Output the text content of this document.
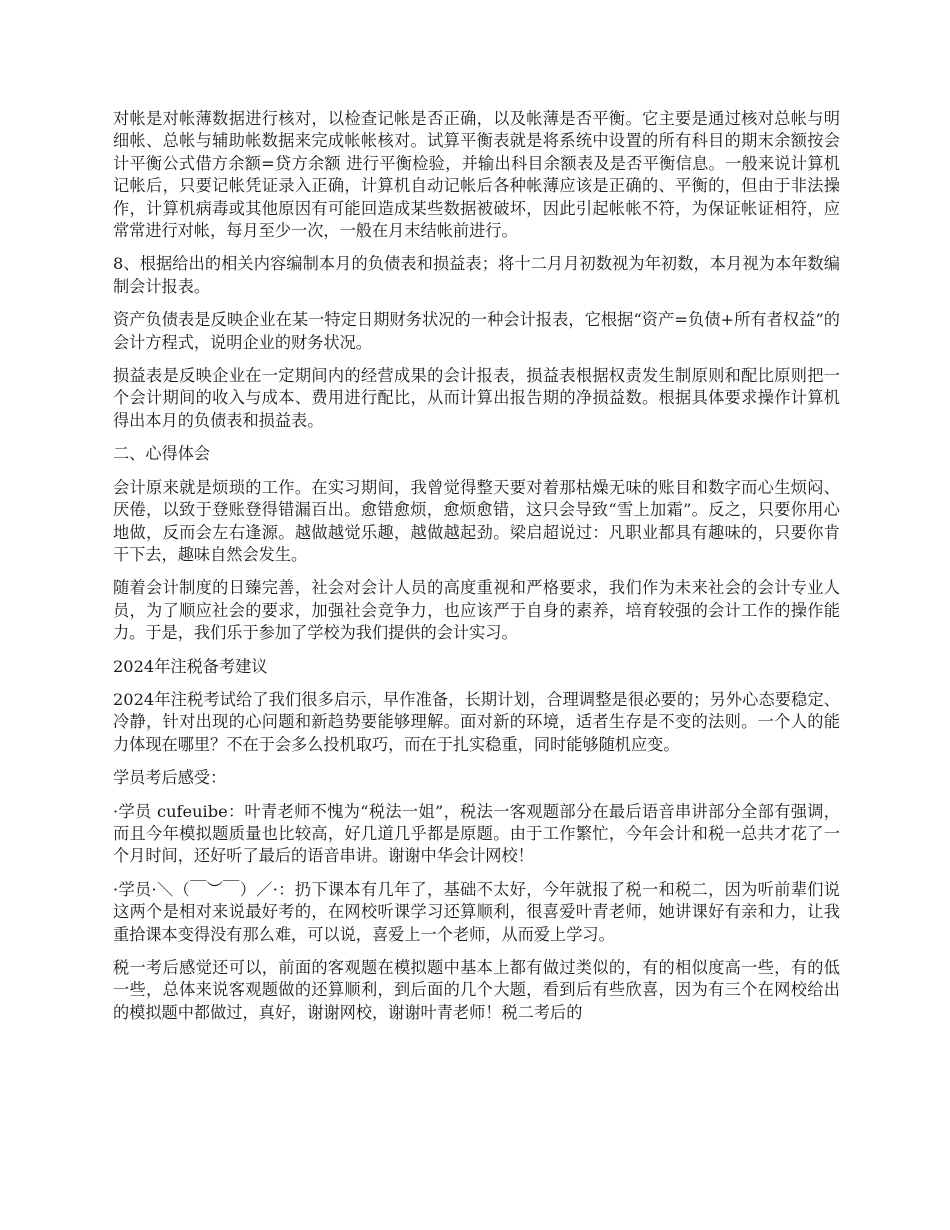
对帐是对帐薄数据进行核对，以检查记帐是否正确，以及帐薄是否平衡。它主要是通过核对总帐与明细帐、总帐与辅助帐数据来完成帐帐核对。试算平衡表就是将系统中设置的所有科目的期末余额按会计平衡公式借方余额=贷方余额 进行平衡检验，并输出科目余额表及是否平衡信息。一般来说计算机记帐后，只要记帐凭证录入正确，计算机自动记帐后各种帐薄应该是正确的、平衡的，但由于非法操作，计算机病毒或其他原因有可能回造成某些数据被破坏，因此引起帐帐不符，为保证帐证相符，应常常进行对帐，每月至少一次，一般在月末结帐前进行。

8、根据给出的相关内容编制本月的负债表和损益表；将十二月月初数视为年初数，本月视为本年数编制会计报表。

资产负债表是反映企业在某一特定日期财务状况的一种会计报表，它根据“资产=负债+所有者权益”的会计方程式，说明企业的财务状况。

损益表是反映企业在一定期间内的经营成果的会计报表，损益表根据权责发生制原则和配比原则把一个会计期间的收入与成本、费用进行配比，从而计算出报告期的净损益数。根据具体要求操作计算机得出本月的负债表和损益表。

二、心得体会

会计原来就是烦琐的工作。在实习期间，我曾觉得整天要对着那枯燥无味的账目和数字而心生烦闷、厌倦，以致于登账登得错漏百出。愈错愈烦，愈烦愈错，这只会导致“雪上加霜”。反之，只要你用心地做，反而会左右逢源。越做越觉乐趣，越做越起劲。梁启超说过：凡职业都具有趣味的，只要你肯干下去，趣味自然会发生。

随着会计制度的日臻完善，社会对会计人员的高度重视和严格要求，我们作为未来社会的会计专业人员，为了顺应社会的要求，加强社会竞争力，也应该严于自身的素养，培育较强的会计工作的操作能力。于是，我们乐于参加了学校为我们提供的会计实习。

2024年注税备考建议

2024年注税考试给了我们很多启示，早作准备，长期计划，合理调整是很必要的；另外心态要稳定、冷静，针对出现的心问题和新趋势要能够理解。面对新的环境，适者生存是不变的法则。一个人的能力体现在哪里？不在于会多么投机取巧，而在于扎实稳重，同时能够随机应变。

学员考后感受：

·学员 cufeuibe：叶青老师不愧为“税法一姐”，税法一客观题部分在最后语音串讲部分全部有强调，而且今年模拟题质量也比较高，好几道几乎都是原题。由于工作繁忙，今年会计和税一总共才花了一个月时间，还好听了最后的语音串讲。谢谢中华会计网校！

·学员·＼（￣︶￣）／·：扔下课本有几年了，基础不太好，今年就报了税一和税二，因为听前辈们说这两个是相对来说最好考的，在网校听课学习还算顺利，很喜爱叶青老师，她讲课好有亲和力，让我重拾课本变得没有那么难，可以说，喜爱上一个老师，从而爱上学习。

税一考后感觉还可以，前面的客观题在模拟题中基本上都有做过类似的，有的相似度高一些，有的低一些，总体来说客观题做的还算顺利，到后面的几个大题，看到后有些欣喜，因为有三个在网校给出的模拟题中都做过，真好，谢谢网校，谢谢叶青老师！税二考后的
